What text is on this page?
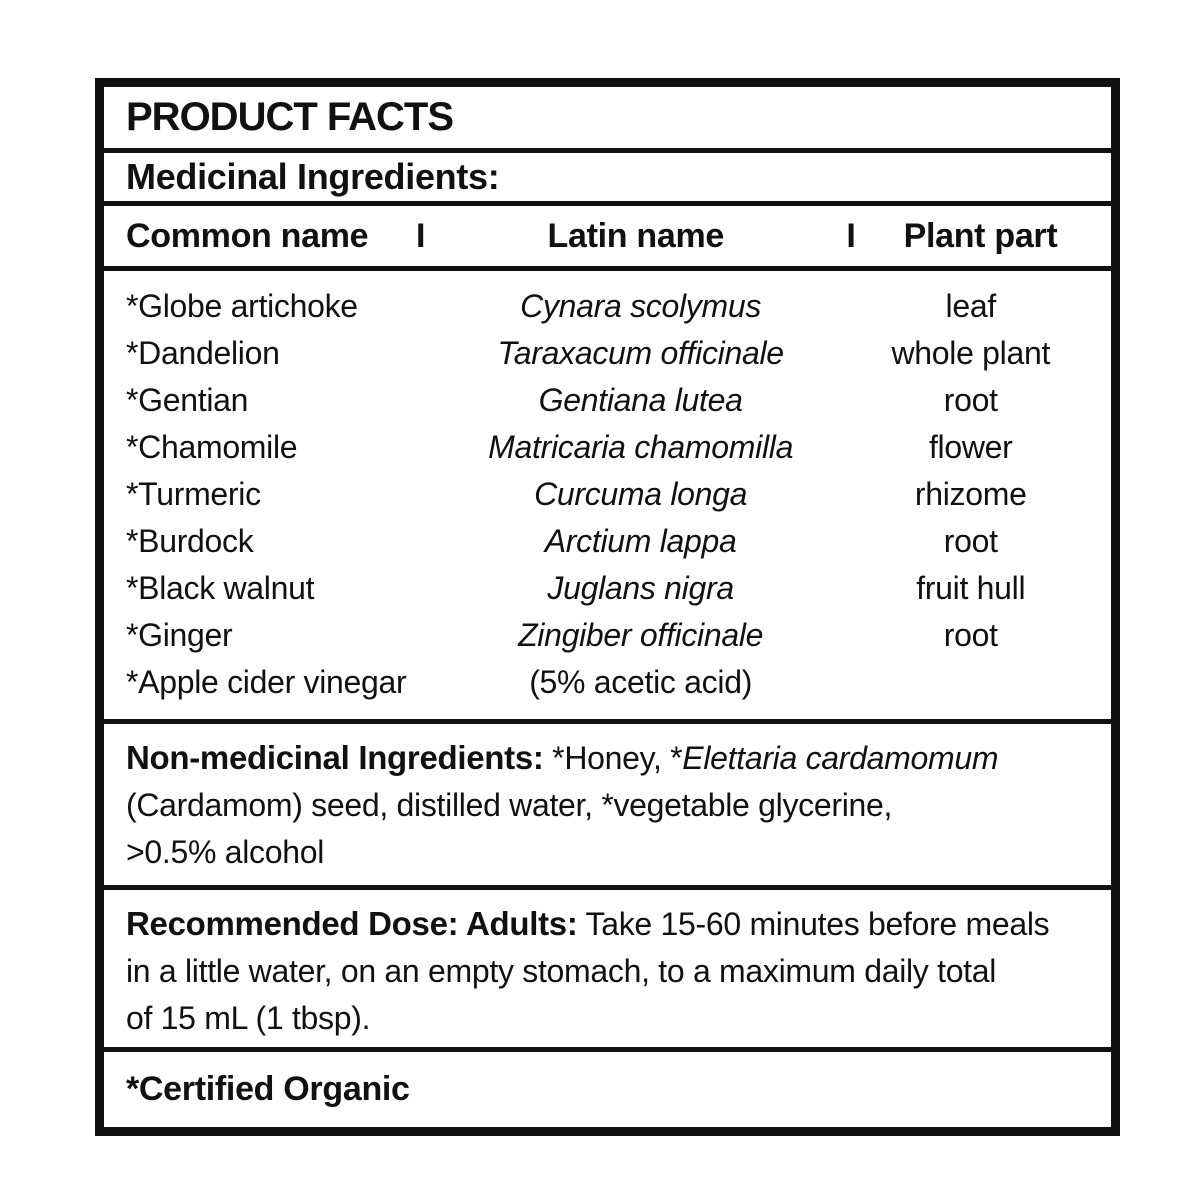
PRODUCT FACTS
Medicinal Ingredients:
Common name	I	Latin name	I	Plant part
*Globe artichoke	Cynara scolymus	leaf
*Dandelion	Taraxacum officinale	whole plant
*Gentian	Gentiana lutea	root
*Chamomile	Matricaria chamomilla	flower
*Turmeric	Curcuma longa	rhizome
*Burdock	Arctium lappa	root
*Black walnut	Juglans nigra	fruit hull
*Ginger	Zingiber officinale	root
*Apple cider vinegar	(5% acetic acid)
Non-medicinal Ingredients: *Honey, *Elettaria cardamomum
(Cardamom) seed, distilled water, *vegetable glycerine,
>0.5% alcohol
Recommended Dose: Adults: Take 15-60 minutes before meals
in a little water, on an empty stomach, to a maximum daily total
of 15 mL (1 tbsp).
*Certified Organic
